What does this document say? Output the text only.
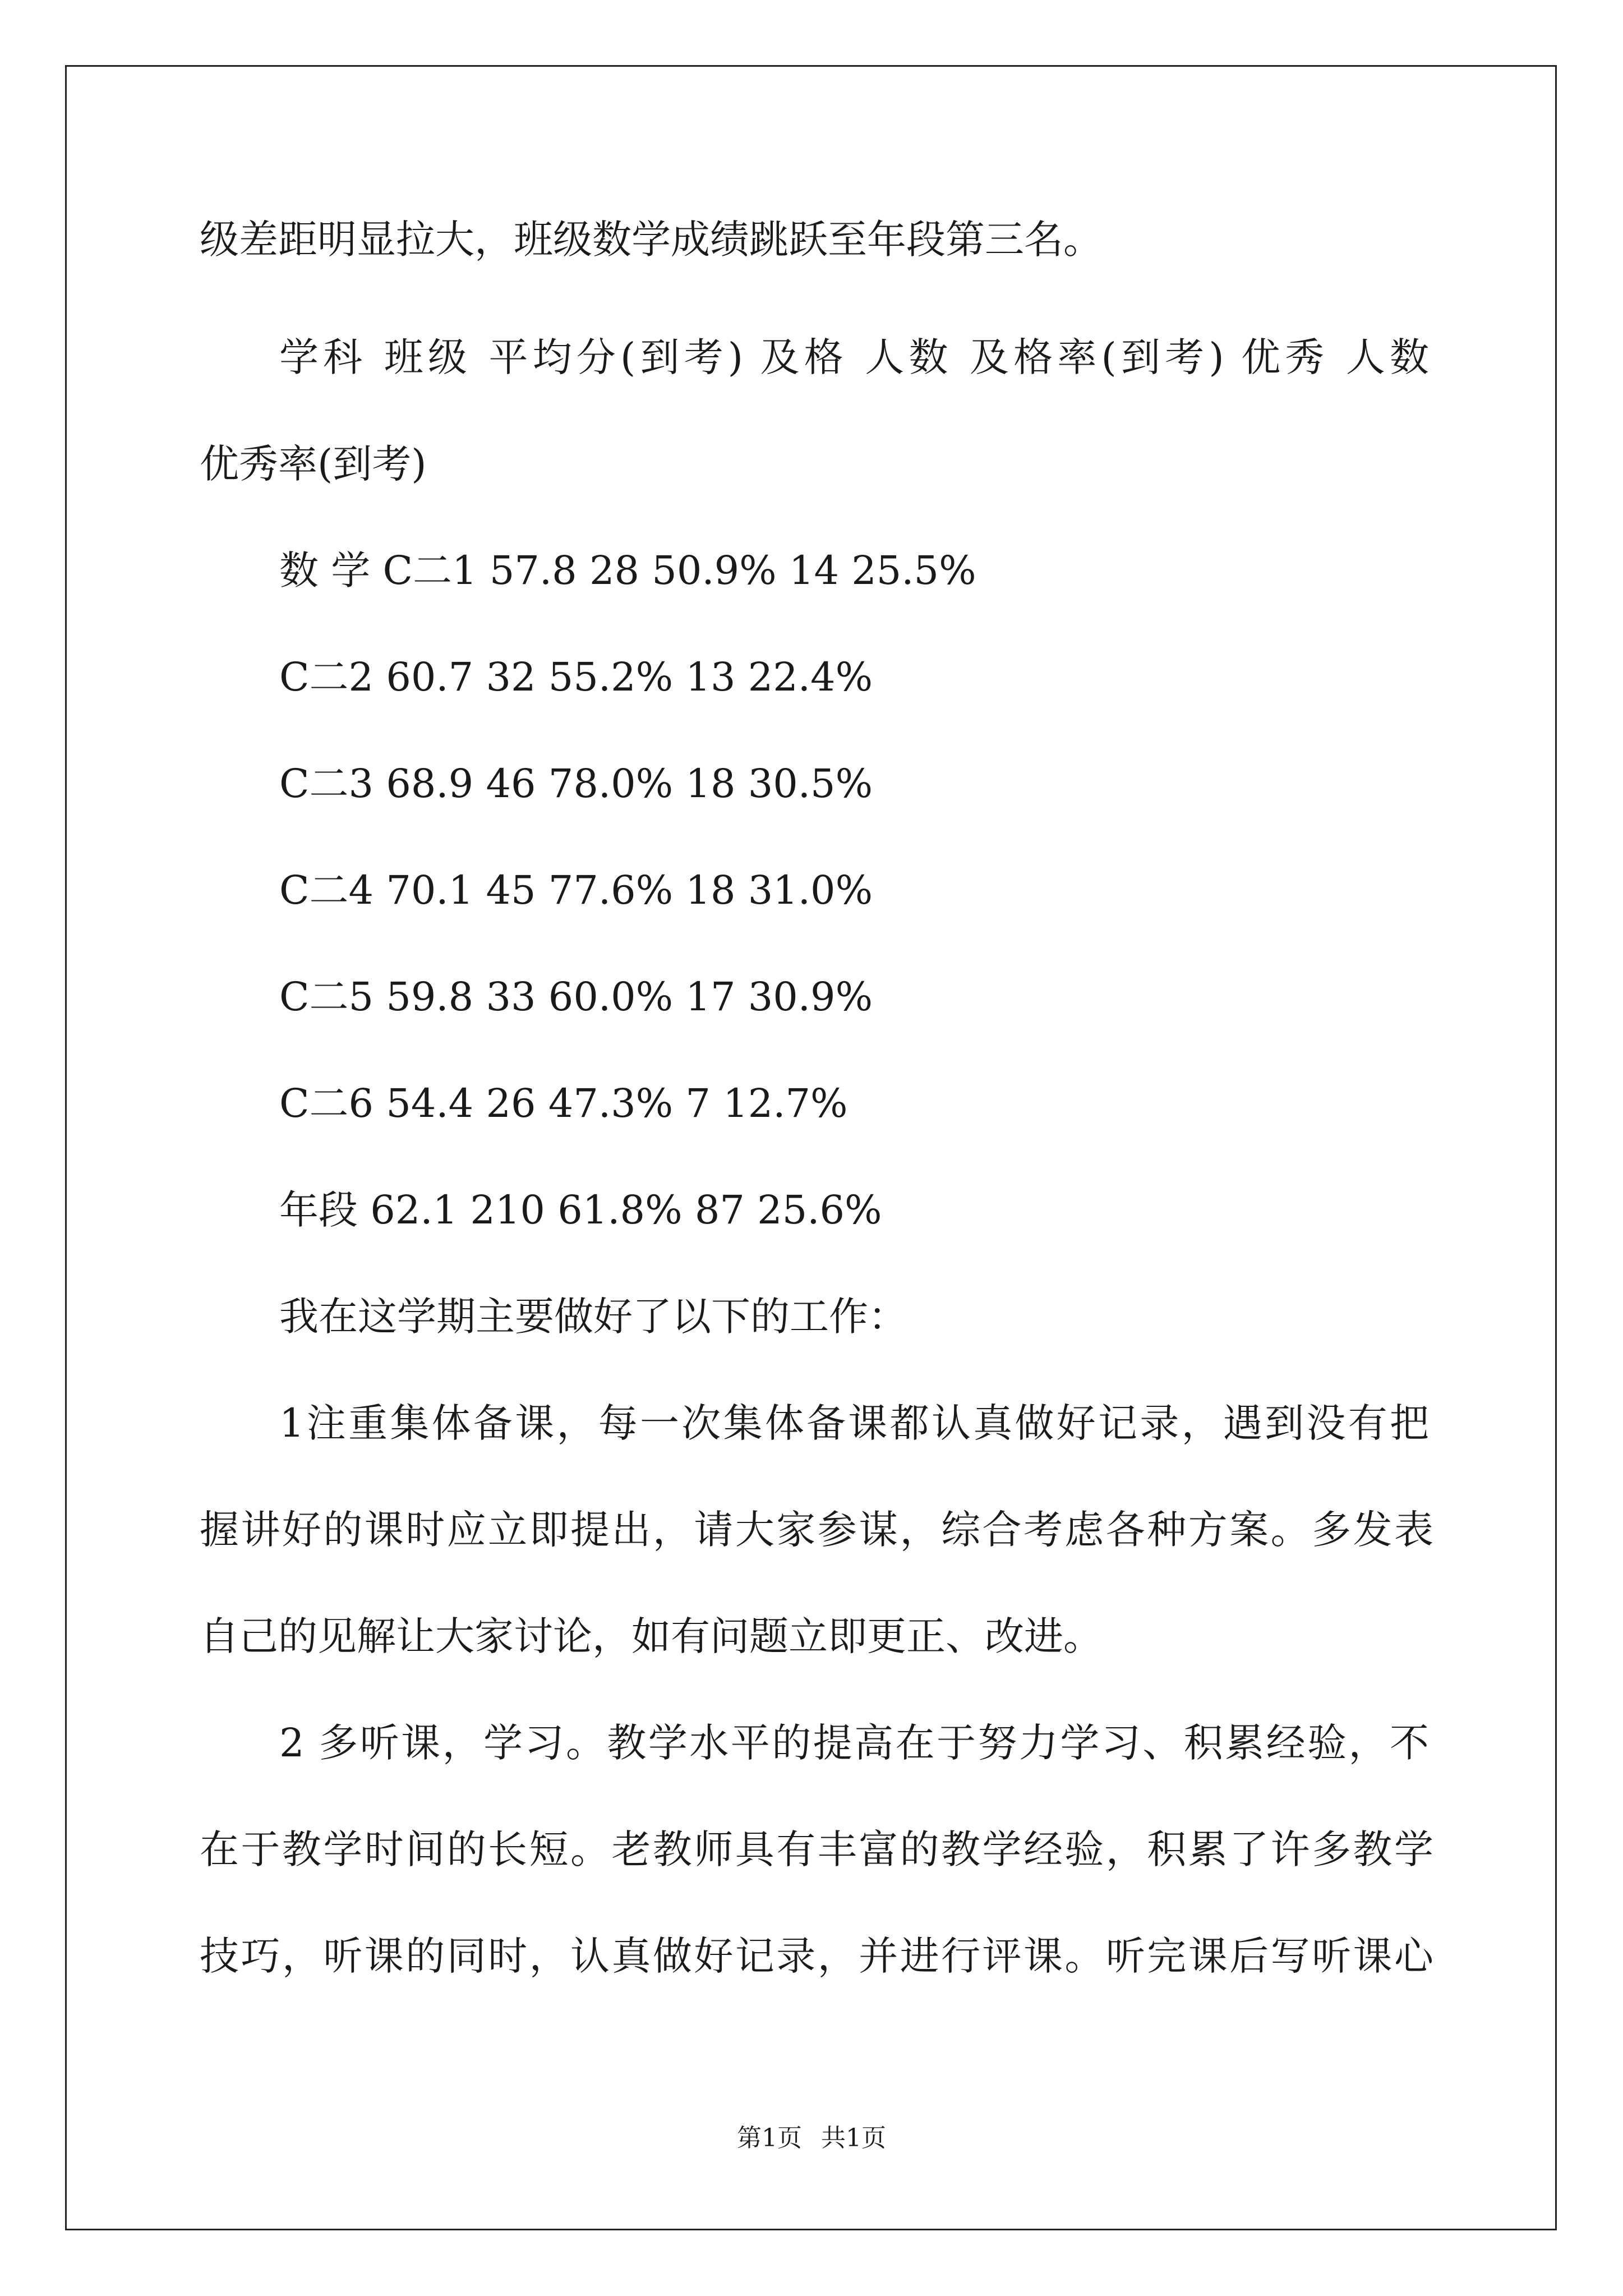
级差距明显拉大，班级数学成绩跳跃至年段第三名。
学科 班级 平均分(到考) 及格 人数 及格率(到考) 优秀 人数
优秀率(到考)
数 学 C二1 57.8 28 50.9% 14 25.5%
C二2 60.7 32 55.2% 13 22.4%
C二3 68.9 46 78.0% 18 30.5%
C二4 70.1 45 77.6% 18 31.0%
C二5 59.8 33 60.0% 17 30.9%
C二6 54.4 26 47.3% 7 12.7%
年段 62.1 210 61.8% 87 25.6%
我在这学期主要做好了以下的工作：
1注重集体备课，每一次集体备课都认真做好记录，遇到没有把
握讲好的课时应立即提出，请大家参谋，综合考虑各种方案。多发表
自己的见解让大家讨论，如有问题立即更正、改进。
2 多听课，学习。教学水平的提高在于努力学习、积累经验，不
在于教学时间的长短。老教师具有丰富的教学经验，积累了许多教学
技巧，听课的同时，认真做好记录，并进行评课。听完课后写听课心
第1页 共1页
